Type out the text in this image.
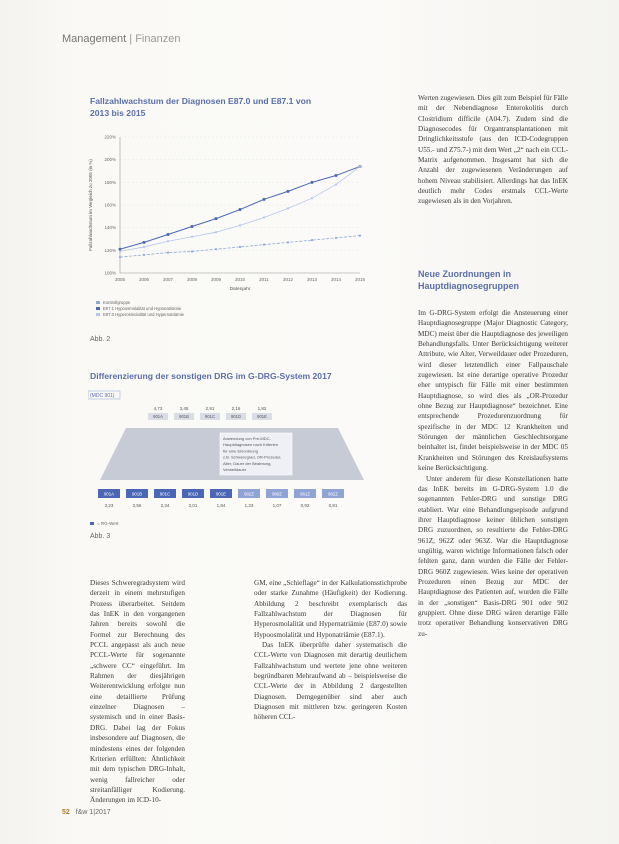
Management | Finanzen
Fallzahlwachstum der Diagnosen E87.0 und E87.1 von 2013 bis 2015
100%
120%
140%
160%
180%
200%
220%
2005	2006	2007	2008	2009	2010	2011	2012	2013	2014	2015
Datenjahr
Fallzahlwachstum im Vergleich zu 2005 (in %)
Kontrollgruppe
E87.1 Hypoosmolalität und Hyponatriämie
E87.0 Hyperosmolalität und Hypernatriämie
Abb. 2
Differenzierung der sonstigen DRG im G-DRG-System 2017
(MDC 901)
4,73
901A
3,45
901B
2,91
901C
2,16
901D
1,82
901E
Anwendung von Pre-MDC-
Hauptdiagnosen nach Kriterien
für eine Einordnung
z.B. Schweregrad, OR-Prozedur,
Alter, Dauer der Beatmung,
Verweildauer
901A
3,23
901B
2,56
901C
2,34
901D
2,01
901E
1,84
902Z
1,23
960Z
1,07
961Z
0,92
962Z
0,81
= RG-Wert
Abb. 3

Dieses Schweregradsystem wird derzeit in einem mehrstufigen Prozess überarbeitet. Seitdem das InEK in den vorgangenen Jahren bereits sowohl die Formel zur Berechnung des PCCL angepasst als auch neue PCCL-Werte für sogenannte „schwere CC“ eingeführt. Im Rahmen der diesjährigen Weiterentwicklung erfolgte nun eine detaillierte Prüfung einzelner Diagnosen – systemisch und in einer Basis-DRG. Dabei lag der Fokus insbesondere auf Diagnosen, die mindestens eines der folgenden Kriterien erfüllten: Ähnlichkeit mit dem typischen DRG-Inhalt, wenig fallreicher oder streitanfälliger Kodierung. Änderungen im ICD-10-

GM, eine „Schieflage“ in der Kalkulationsstichprobe oder starke Zunahme (Häufigkeit) der Kodierung. Abbildung 2 beschreibt exemplarisch das Fallzahlwachstum der Diagnosen für Hyperosmolalität und Hypernatriämie (E87.0) sowie Hypoosmolalität und Hyponatriämie (E87.1).

Das InEK überprüfte daher systematisch die CCL-Werte von Diagnosen mit derartig deutlichem Fallzahlwachstum und wertete jene ohne weiteren begründbaren Mehraufwand ab – beispielsweise die CCL-Werte der in Abbildung 2 dargestellten Diagnosen. Demgegenüber sind aber auch Diagnosen mit mittleren bzw. geringeren Kosten höheren CCL-

Werten zugewiesen. Dies gilt zum Beispiel für Fälle mit der Nebendiagnose Enterokolitis durch Clostridium difficile (A04.7). Zudem sind die Diagnosecodes für Organtransplantationen mit Dringlichkeitsstufe (aus den ICD-Codegruppen U55.- und Z75.7-) mit dem Wert „2“ nach ein CCL-Matrix aufgenommen. Insgesamt hat sich die Anzahl der zugewiesenen Veränderungen auf hohem Niveau stabilisiert. Allerdings hat das InEK deutlich mehr Codes erstmals CCL-Werte zugewiesen als in den Vorjahren.

Neue Zuordnungen in Hauptdiagnosegruppen

Im G-DRG-System erfolgt die Ansteuerung einer Hauptdiagnosegruppe (Major Diagnostic Category, MDC) meist über die Hauptdiagnose des jeweiligen Behandlungsfalls. Unter Berücksichtigung weiterer Attribute, wie Alter, Verweildauer oder Prozeduren, wird dieser letztendlich einer Fallpauschale zugewiesen. Ist eine derartige operative Prozedur eher untypisch für Fälle mit einer bestimmten Hauptdiagnose, so wird dies als „OR-Prozedur ohne Bezug zur Hauptdiagnose“ bezeichnet. Eine entsprechende Prozedurenzuordnung für spezifische in der MDC 12 Krankheiten und Störungen der männlichen Geschlechtsorgane beinhaltet ist, findet beispielsweise in der MDC 05 Krankheiten und Störungen des Kreislaufsystems keine Berücksichtigung.

Unter anderem für diese Konstellationen hatte das InEK bereits im G-DRG-System 1.0 die sogenannten Fehler-DRG und sonstige DRG etabliert. War eine Behandlungsepisode aufgrund ihrer Hauptdiagnose keiner üblichen sonstigen DRG zuzuordnen, so resultierte die Fehler-DRG 961Z, 962Z oder 963Z. War die Hauptdiagnose ungültig, waren wichtige Informationen falsch oder fehlten ganz, dann wurden die Fälle der Fehler-DRG 960Z zugewiesen. Wies keine der operativen Prozeduren einen Bezug zur MDC der Hauptdiagnose des Patienten auf, wurden die Fälle in der „sonstigen“ Basis-DRG 901 oder 902 gruppiert. Ohne diese DRG wären derartige Fälle trotz operativer Behandlung konservativen DRG zu-

52 f&w 1|2017
